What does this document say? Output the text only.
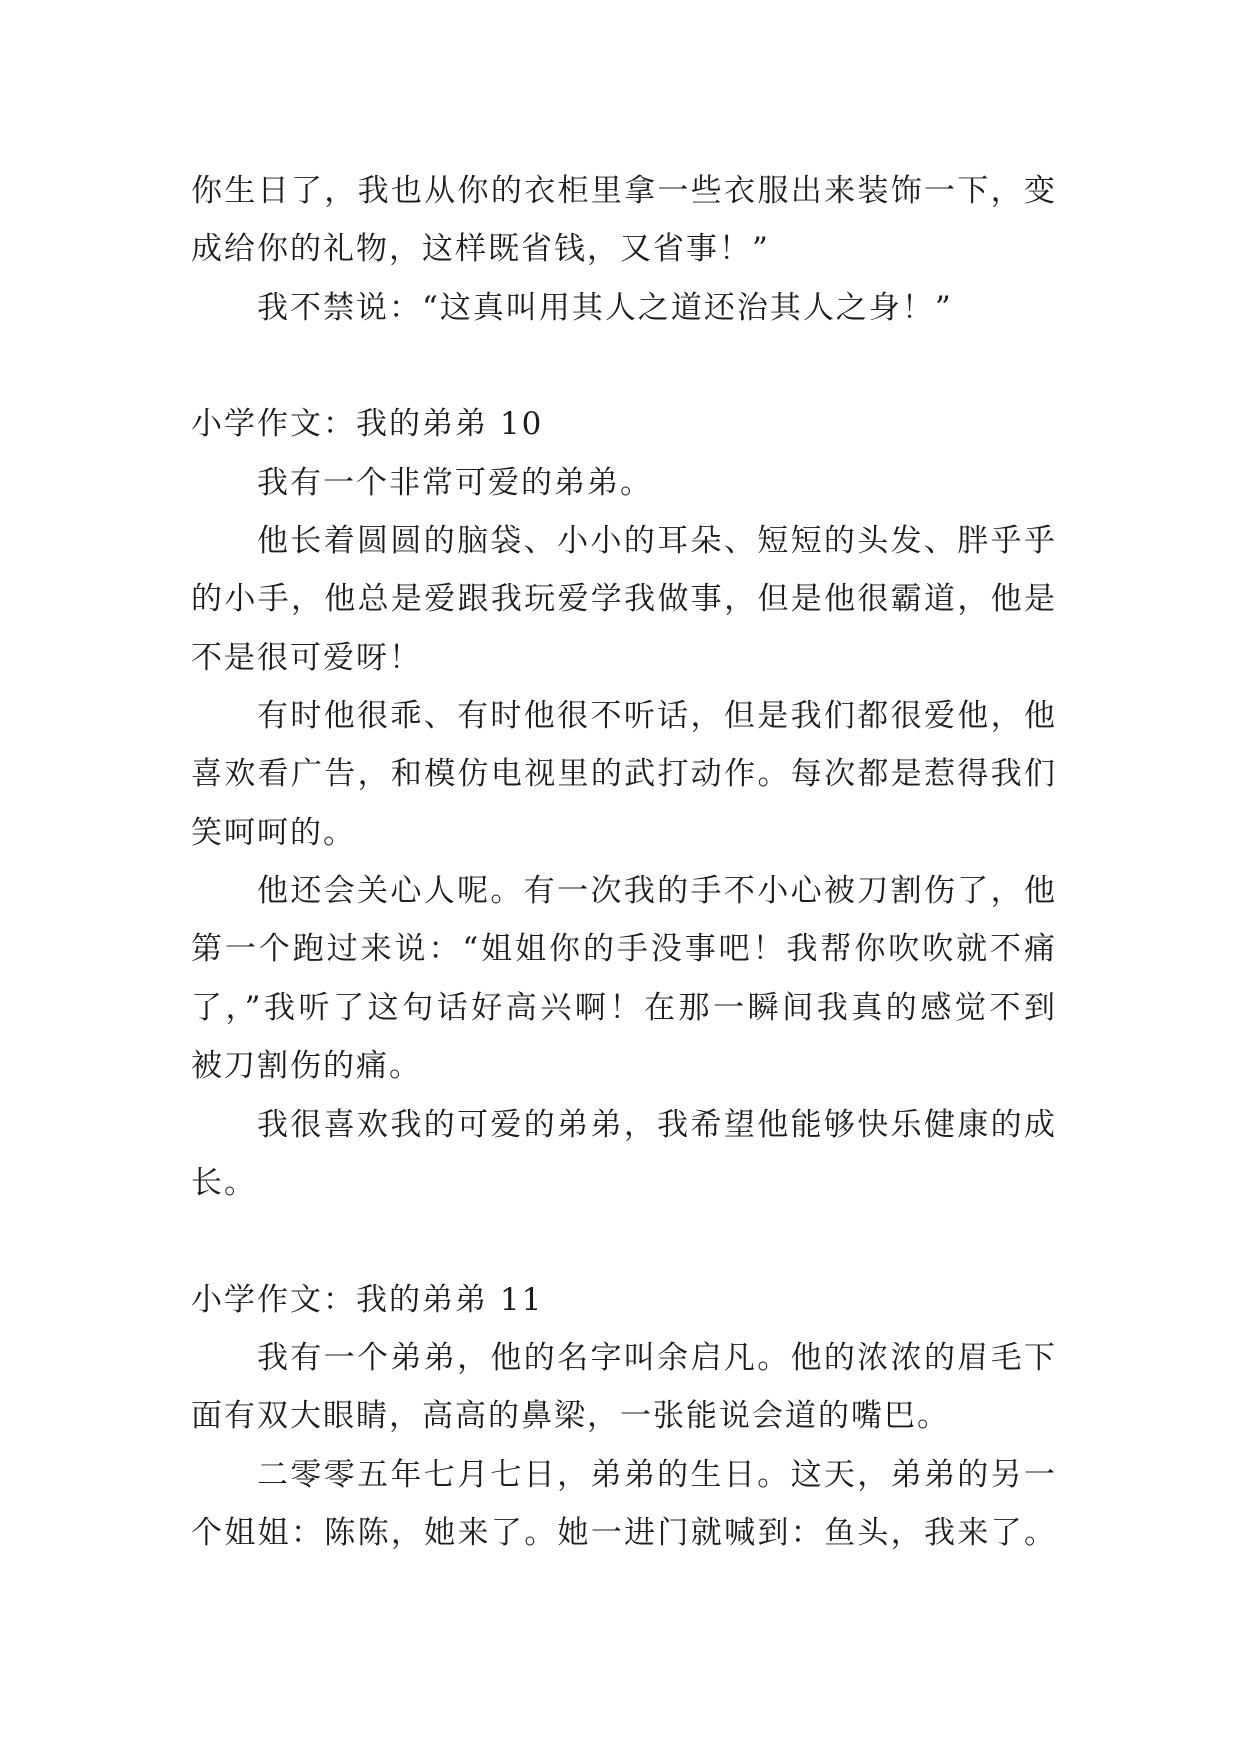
你生日了，我也从你的衣柜里拿一些衣服出来装饰一下，变
成给你的礼物，这样既省钱，又省事！”
我不禁说：“这真叫用其人之道还治其人之身！”
小学作文：我的弟弟 10
我有一个非常可爱的弟弟。
他长着圆圆的脑袋、小小的耳朵、短短的头发、胖乎乎
的小手，他总是爱跟我玩爱学我做事，但是他很霸道，他是
不是很可爱呀！
有时他很乖、有时他很不听话，但是我们都很爱他，他
喜欢看广告，和模仿电视里的武打动作。每次都是惹得我们
笑呵呵的。
他还会关心人呢。有一次我的手不小心被刀割伤了，他
第一个跑过来说：“姐姐你的手没事吧！我帮你吹吹就不痛
了，”我听了这句话好高兴啊！在那一瞬间我真的感觉不到
被刀割伤的痛。
我很喜欢我的可爱的弟弟，我希望他能够快乐健康的成
长。
小学作文：我的弟弟 11
我有一个弟弟，他的名字叫余启凡。他的浓浓的眉毛下
面有双大眼睛，高高的鼻梁，一张能说会道的嘴巴。
二零零五年七月七日，弟弟的生日。这天，弟弟的另一
个姐姐：陈陈，她来了。她一进门就喊到：鱼头，我来了。
